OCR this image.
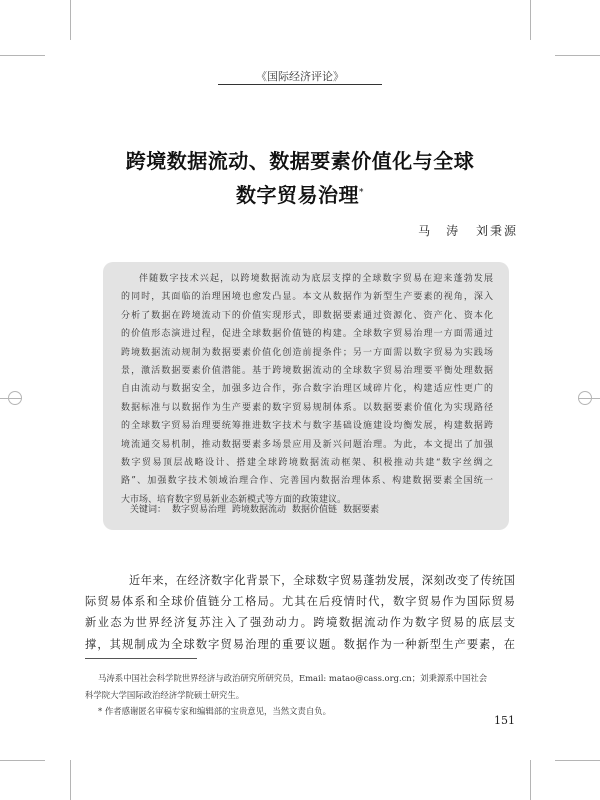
《国际经济评论》
跨境数据流动、数据要素价值化与全球
数字贸易治理*
马　涛 刘秉源
伴随数字技术兴起，以跨境数据流动为底层支撑的全球数字贸易在迎来蓬勃发展
的同时，其面临的治理困境也愈发凸显。本文从数据作为新型生产要素的视角，深入
分析了数据在跨境流动下的价值实现形式，即数据要素通过资源化、资产化、资本化
的价值形态演进过程，促进全球数据价值链的构建。全球数字贸易治理一方面需通过
跨境数据流动规制为数据要素价值化创造前提条件；另一方面需以数字贸易为实践场
景，激活数据要素价值潜能。基于跨境数据流动的全球数字贸易治理要平衡处理数据
自由流动与数据安全，加强多边合作，弥合数字治理区域碎片化，构建适应性更广的
数据标准与以数据作为生产要素的数字贸易规制体系。以数据要素价值化为实现路径
的全球数字贸易治理要统筹推进数字技术与数字基础设施建设均衡发展，构建数据跨
境流通交易机制，推动数据要素多场景应用及新兴问题治理。为此，本文提出了加强
数字贸易顶层战略设计、搭建全球跨境数据流动框架、积极推动共建“数字丝绸之
路”、加强数字技术领域治理合作、完善国内数据治理体系、构建数据要素全国统一
大市场、培育数字贸易新业态新模式等方面的政策建议。
关键词： 数字贸易治理 跨境数据流动 数据价值链 数据要素
近年来，在经济数字化背景下，全球数字贸易蓬勃发展，深刻改变了传统国
际贸易体系和全球价值链分工格局。尤其在后疫情时代，数字贸易作为国际贸易
新业态为世界经济复苏注入了强劲动力。跨境数据流动作为数字贸易的底层支
撑，其规制成为全球数字贸易治理的重要议题。数据作为一种新型生产要素，在
马涛系中国社会科学院世界经济与政治研究所研究员，Email: matao@cass.org.cn；刘秉源系中国社会
科学院大学国际政治经济学院硕士研究生。
* 作者感谢匿名审稿专家和编辑部的宝贵意见，当然文责自负。
151
